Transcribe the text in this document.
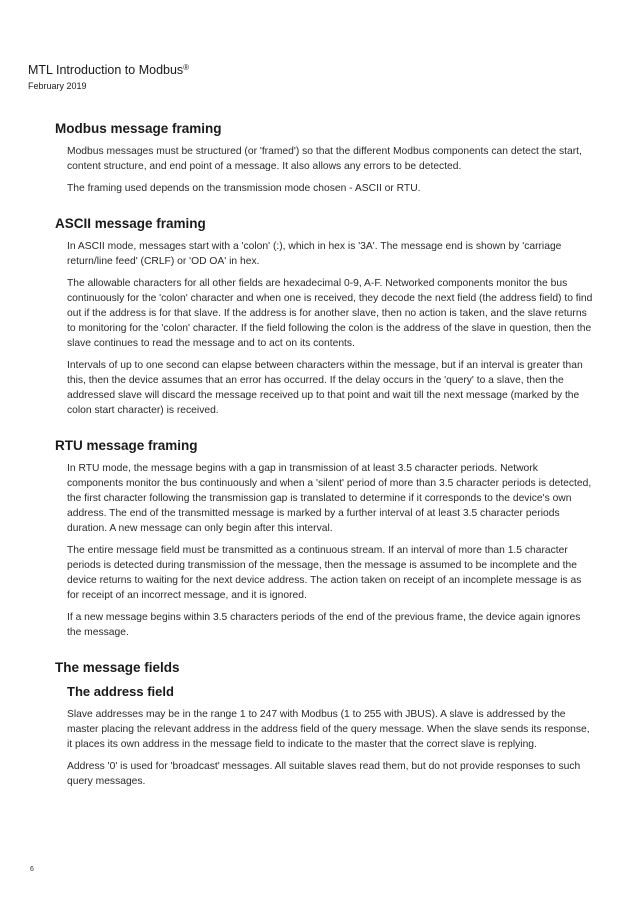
MTL Introduction to Modbus®
February 2019
Modbus message framing

Modbus messages must be structured (or 'framed') so that the different Modbus components can detect the start, content structure, and end point of a message. It also allows any errors to be detected.

The framing used depends on the transmission mode chosen - ASCII or RTU.

ASCII message framing

In ASCII mode, messages start with a 'colon' (:), which in hex is '3A'. The message end is shown by 'carriage return/line feed' (CRLF) or 'OD OA' in hex.

The allowable characters for all other fields are hexadecimal 0-9, A-F. Networked components monitor the bus continuously for the 'colon' character and when one is received, they decode the next field (the address field) to find out if the address is for that slave. If the address is for another slave, then no action is taken, and the slave returns to monitoring for the 'colon' character. If the field following the colon is the address of the slave in question, then the slave continues to read the message and to act on its contents.

Intervals of up to one second can elapse between characters within the message, but if an interval is greater than this, then the device assumes that an error has occurred. If the delay occurs in the 'query' to a slave, then the addressed slave will discard the message received up to that point and wait till the next message (marked by the colon start character) is received.

RTU message framing

In RTU mode, the message begins with a gap in transmission of at least 3.5 character periods. Network components monitor the bus continuously and when a 'silent' period of more than 3.5 character periods is detected, the first character following the transmission gap is translated to determine if it corresponds to the device's own address. The end of the transmitted message is marked by a further interval of at least 3.5 character periods duration. A new message can only begin after this interval.

The entire message field must be transmitted as a continuous stream. If an interval of more than 1.5 character periods is detected during transmission of the message, then the message is assumed to be incomplete and the device returns to waiting for the next device address. The action taken on receipt of an incomplete message is as for receipt of an incorrect message, and it is ignored.

If a new message begins within 3.5 characters periods of the end of the previous frame, the device again ignores the message.

The message fields
The address field

Slave addresses may be in the range 1 to 247 with Modbus (1 to 255 with JBUS). A slave is addressed by the master placing the relevant address in the address field of the query message. When the slave sends its response, it places its own address in the message field to indicate to the master that the correct slave is replying.

Address '0' is used for 'broadcast' messages. All suitable slaves read them, but do not provide responses to such query messages.

6
